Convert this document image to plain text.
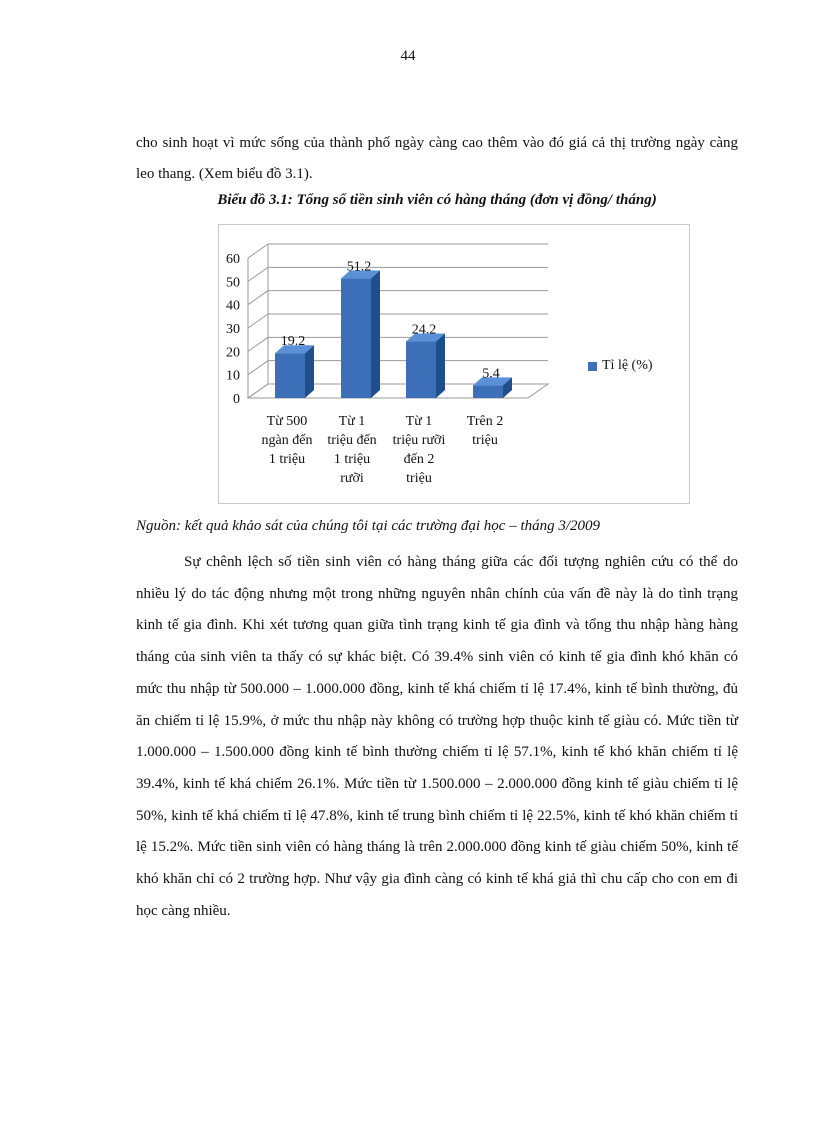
44
cho sinh hoạt vì mức sống của thành phố ngày càng cao thêm vào đó giá cả thị trường ngày càng leo thang. (Xem biểu đồ 3.1).
Biểu đồ 3.1: Tổng số tiền sinh viên có hàng tháng (đơn vị đồng/ tháng)
0
10
20
30
40
50
60
19.2
51.2
24.2
5.4
Từ 500
ngàn đến
1 triệu
Từ 1
triệu đến
1 triệu
rưỡi
Từ 1
triệu rưỡi
đến 2
triệu
Trên 2
triệu
Tỉ lệ (%)
Nguồn: kết quả khảo sát của chúng tôi tại các trường đại học – tháng 3/2009

Sự chênh lệch số tiền sinh viên có hàng tháng giữa các đối tượng nghiên cứu có thể do nhiều lý do tác động nhưng một trong những nguyên nhân chính của vấn đề này là do tình trạng kinh tế gia đình. Khi xét tương quan giữa tình trạng kinh tế gia đình và tổng thu nhập hàng hàng tháng của sinh viên ta thấy có sự khác biệt. Có 39.4% sinh viên có kinh tế gia đình khó khăn có mức thu nhập từ 500.000 – 1.000.000 đồng, kinh tế khá chiếm tỉ lệ 17.4%, kinh tế bình thường, đủ ăn chiếm tỉ lệ 15.9%, ở mức thu nhập này không có trường hợp thuộc kinh tế giàu có. Mức tiền từ 1.000.000 – 1.500.000 đồng kinh tế bình thường chiếm tỉ lệ 57.1%, kinh tế khó khăn chiếm tỉ lệ 39.4%, kinh tế khá chiếm 26.1%. Mức tiền từ 1.500.000 – 2.000.000 đồng kinh tế giàu chiếm tỉ lệ 50%, kinh tế khá chiếm tỉ lệ 47.8%, kinh tế trung bình chiếm tỉ lệ 22.5%, kinh tế khó khăn chiếm tỉ lệ 15.2%. Mức tiền sinh viên có hàng tháng là trên 2.000.000 đồng kinh tế giàu chiếm 50%, kinh tế khó khăn chỉ có 2 trường hợp. Như vậy gia đình càng có kinh tế khá giả thì chu cấp cho con em đi học càng nhiều.
